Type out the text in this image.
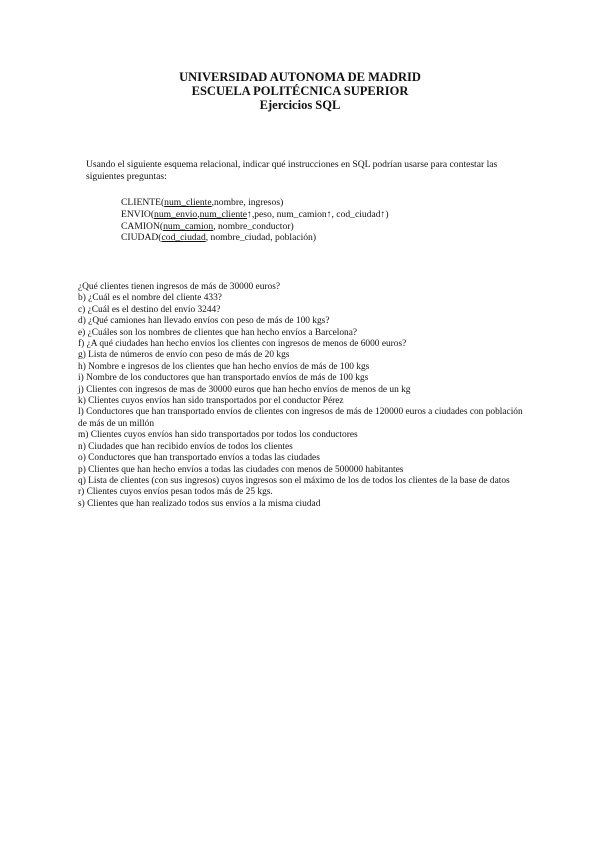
UNIVERSIDAD AUTONOMA DE MADRID
ESCUELA POLITÉCNICA SUPERIOR
Ejercicios SQL
Usando el siguiente esquema relacional, indicar qué instrucciones en SQL podrían usarse para contestar las siguientes preguntas:
CLIENTE(num_cliente,nombre, ingresos)
ENVIO(num_envio,num_cliente↑,peso, num_camion↑, cod_ciudad↑)
CAMION(num_camion, nombre_conductor)
CIUDAD(cod_ciudad, nombre_ciudad, población)
¿Qué clientes tienen ingresos de más de 30000 euros?
b) ¿Cuál es el nombre del cliente 433?
c) ¿Cuál es el destino del envío 3244?
d) ¿Qué camiones han llevado envíos con peso de más de 100 kgs?
e) ¿Cuáles son los nombres de clientes que han hecho envíos a Barcelona?
f) ¿A qué ciudades han hecho envíos los clientes con ingresos de menos de 6000 euros?
g) Lista de números de envío con peso de más de 20 kgs
h) Nombre e ingresos de los clientes que han hecho envíos de más de 100 kgs
i) Nombre de los conductores que han transportado envíos de más de 100 kgs
j) Clientes con ingresos de mas de 30000 euros que han hecho envíos de menos de un kg
k) Clientes cuyos envíos han sido transportados por el conductor Pérez
l) Conductores que han transportado envíos de clientes con ingresos de más de 120000 euros a ciudades con población de más de un millón
m) Clientes cuyos envíos han sido transportados por todos los conductores
n) Ciudades que han recibido envíos de todos los clientes
o) Conductores que han transportado envíos a todas las ciudades
p) Clientes que han hecho envíos a todas las ciudades con menos de 500000 habitantes
q) Lista de clientes (con sus ingresos) cuyos ingresos son el máximo de los de todos los clientes de la base de datos
r) Clientes cuyos envíos pesan todos más de 25 kgs.
s) Clientes que han realizado todos sus envíos a la misma ciudad
